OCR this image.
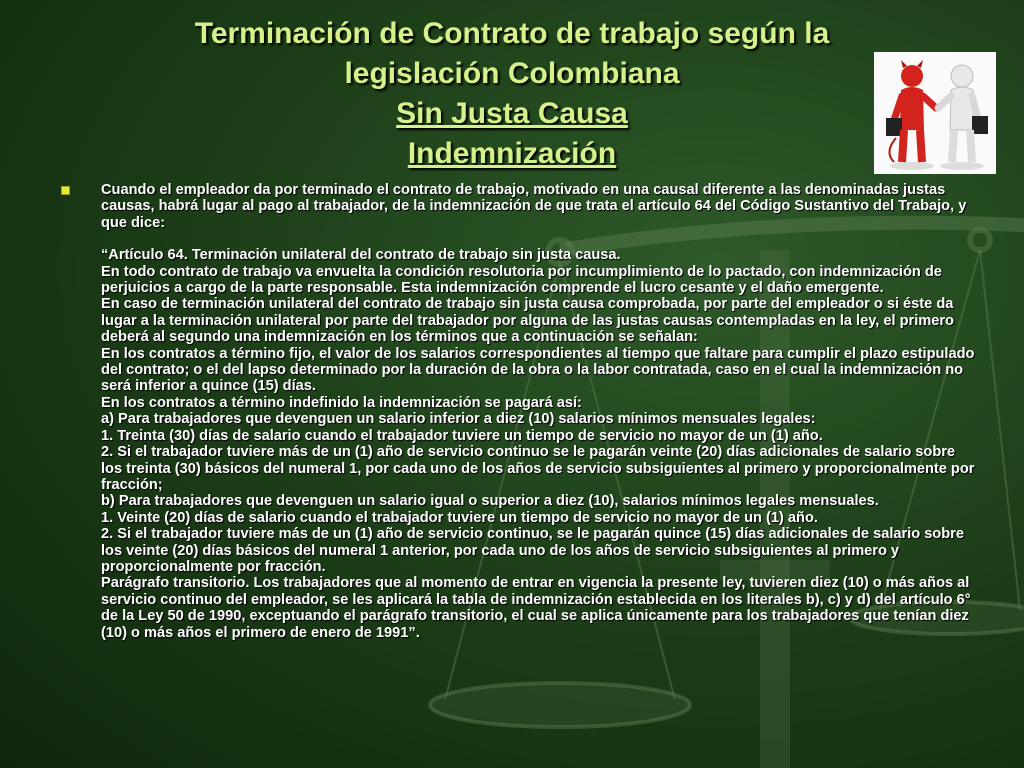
Terminación de Contrato de trabajo según la
legislación Colombiana
Sin Justa Causa
Indemnización
Cuando el empleador da por terminado el contrato de trabajo, motivado en una causal diferente a las denominadas justas causas, habrá lugar al pago al trabajador, de la indemnización de que trata el artículo 64 del Código Sustantivo del Trabajo, y que dice:
“Artículo 64. Terminación unilateral del contrato de trabajo sin justa causa.
En todo contrato de trabajo va envuelta la condición resolutoria por incumplimiento de lo pactado, con indemnización de perjuicios a cargo de la parte responsable. Esta indemnización comprende el lucro cesante y el daño emergente.
En caso de terminación unilateral del contrato de trabajo sin justa causa comprobada, por parte del empleador o si éste da lugar a la terminación unilateral por parte del trabajador por alguna de las justas causas contempladas en la ley, el primero deberá al segundo una indemnización en los términos que a continuación se señalan:
En los contratos a término fijo, el valor de los salarios correspondientes al tiempo que faltare para cumplir el plazo estipulado del contrato; o el del lapso determinado por la duración de la obra o la labor contratada, caso en el cual la indemnización no será inferior a quince (15) días.
En los contratos a término indefinido la indemnización se pagará así:
a) Para trabajadores que devenguen un salario inferior a diez (10) salarios mínimos mensuales legales:
1. Treinta (30) días de salario cuando el trabajador tuviere un tiempo de servicio no mayor de un (1) año.
2. Si el trabajador tuviere más de un (1) año de servicio continuo se le pagarán veinte (20) días adicionales de salario sobre los treinta (30) básicos del numeral 1, por cada uno de los años de servicio subsiguientes al primero y proporcionalmente por fracción;
b) Para trabajadores que devenguen un salario igual o superior a diez (10), salarios mínimos legales mensuales.
1. Veinte (20) días de salario cuando el trabajador tuviere un tiempo de servicio no mayor de un (1) año.
2. Si el trabajador tuviere más de un (1) año de servicio continuo, se le pagarán quince (15) días adicionales de salario sobre los veinte (20) días básicos del numeral 1 anterior, por cada uno de los años de servicio subsiguientes al primero y proporcionalmente por fracción.
Parágrafo transitorio. Los trabajadores que al momento de entrar en vigencia la presente ley, tuvieren diez (10) o más años al servicio continuo del empleador, se les aplicará la tabla de indemnización establecida en los literales b), c) y d) del artículo 6° de la Ley 50 de 1990, exceptuando el parágrafo transitorio, el cual se aplica únicamente para los trabajadores que tenían diez (10) o más años el primero de enero de 1991”.
